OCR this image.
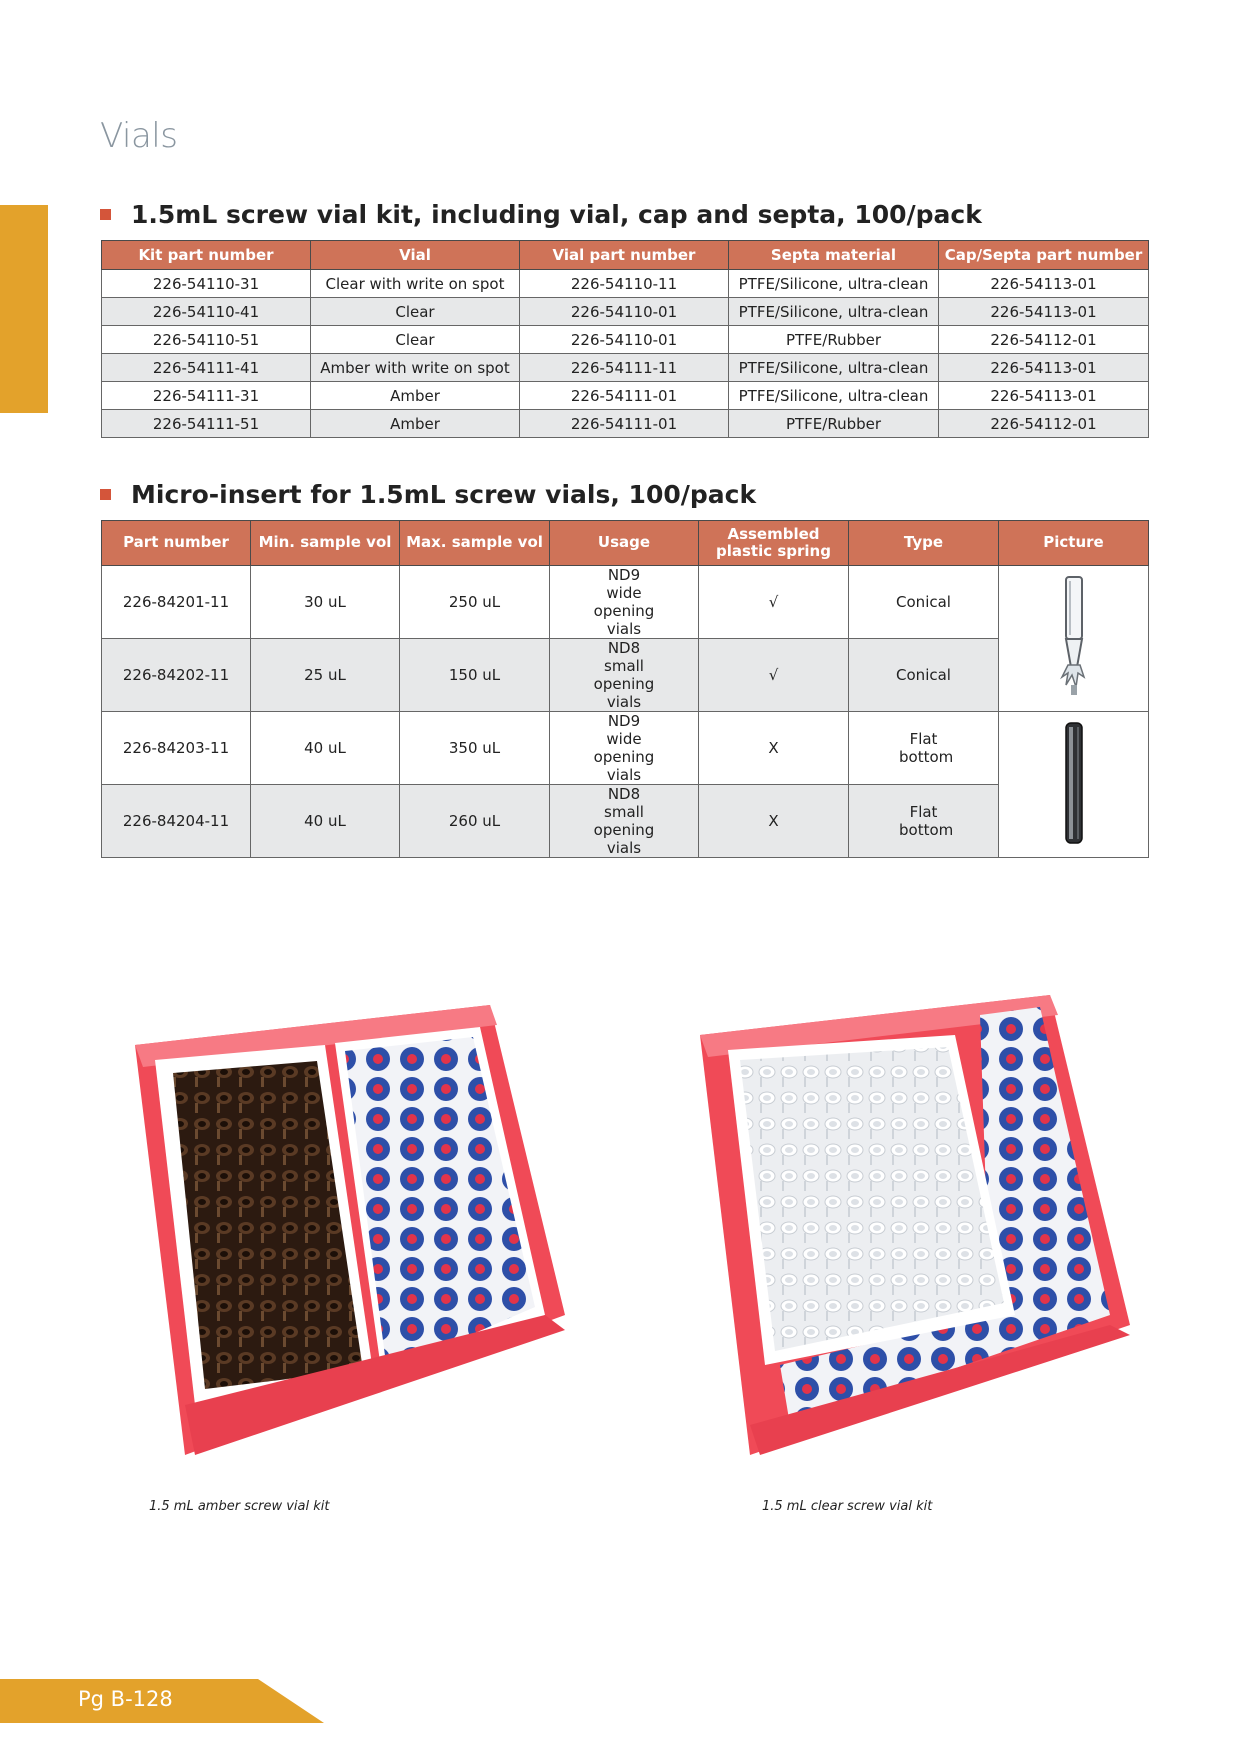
Vials
1.5mL screw vial kit, including vial, cap and septa, 100/pack
Kit part number	Vial	Vial part number	Septa material	Cap/Septa part number
226-54110-31	Clear with write on spot	226-54110-11	PTFE/Silicone, ultra-clean	226-54113-01
226-54110-41	Clear	226-54110-01	PTFE/Silicone, ultra-clean	226-54113-01
226-54110-51	Clear	226-54110-01	PTFE/Rubber	226-54112-01
226-54111-41	Amber with write on spot	226-54111-11	PTFE/Silicone, ultra-clean	226-54113-01
226-54111-31	Amber	226-54111-01	PTFE/Silicone, ultra-clean	226-54113-01
226-54111-51	Amber	226-54111-01	PTFE/Rubber	226-54112-01
Micro-insert for 1.5mL screw vials, 100/pack
Part number	Min. sample vol	Max. sample vol	Usage	Assembled plastic spring	Type	Picture
226-84201-11	30 uL	250 uL	ND9 wide opening vials	√	Conical	
226-84202-11	25 uL	150 uL	ND8 small opening vials	√	Conical	
226-84203-11	40 uL	350 uL	ND9 wide opening vials	X	Flat bottom	
226-84204-11	40 uL	260 uL	ND8 small opening vials	X	Flat bottom	
1.5 mL amber screw vial kit	1.5 mL clear screw vial kit
Pg B-128
